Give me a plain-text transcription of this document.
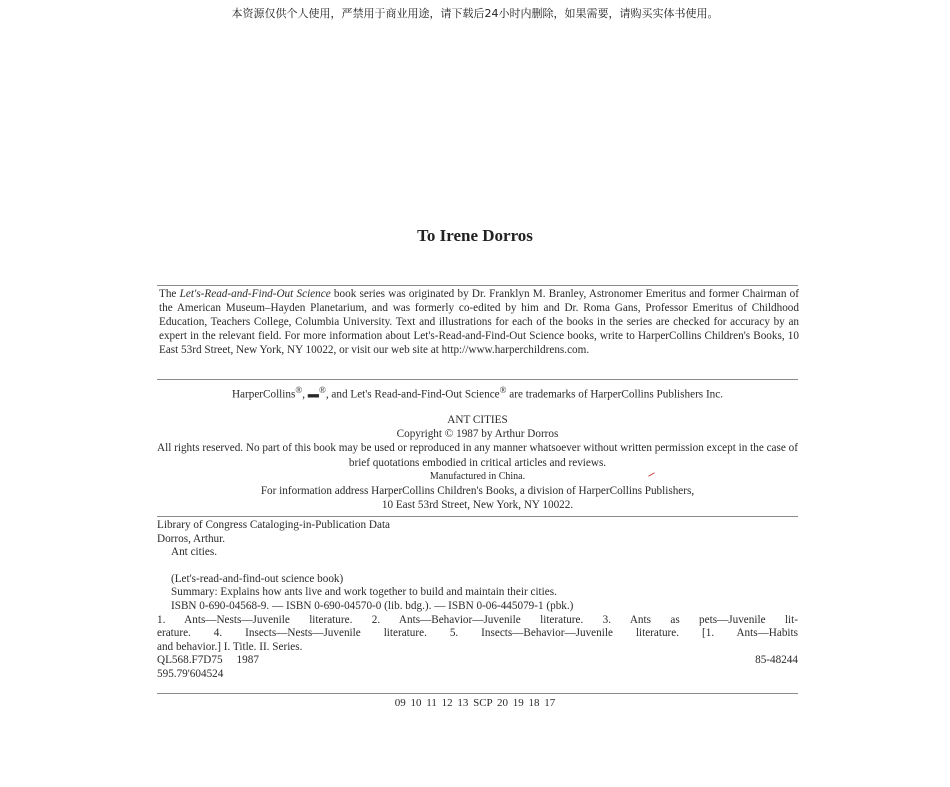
本资源仅供个人使用，严禁用于商业用途，请下载后24小时内删除，如果需要，请购买实体书使用。
To Irene Dorros
The Let's-Read-and-Find-Out Science book series was originated by Dr. Franklyn M. Branley, Astronomer Emeritus and former Chairman of the American Museum–Hayden Planetarium, and was formerly co-edited by him and Dr. Roma Gans, Professor Emeritus of Childhood Education, Teachers College, Columbia University. Text and illustrations for each of the books in the series are checked for accuracy by an expert in the relevant field. For more information about Let's-Read-and-Find-Out Science books, write to HarperCollins Children's Books, 10 East 53rd Street, New York, NY 10022, or visit our web site at http://www.harperchildrens.com.
HarperCollins®, ▬®, and Let's Read-and-Find-Out Science® are trademarks of HarperCollins Publishers Inc.
ANT CITIES
Copyright © 1987 by Arthur Dorros
All rights reserved. No part of this book may be used or reproduced in any manner whatsoever without written permission except in the case of brief quotations embodied in critical articles and reviews.
Manufactured in China.
For information address HarperCollins Children's Books, a division of HarperCollins Publishers,
10 East 53rd Street, New York, NY 10022.
Library of Congress Cataloging-in-Publication Data
Dorros, Arthur.
Ant cities.
(Let's-read-and-find-out science book)
Summary: Explains how ants live and work together to build and maintain their cities.
ISBN 0-690-04568-9. — ISBN 0-690-04570-0 (lib. bdg.). — ISBN 0-06-445079-1 (pbk.)
1. Ants—Nests—Juvenile literature. 2. Ants—Behavior—Juvenile literature. 3. Ants as pets—Juvenile lit-
erature. 4. Insects—Nests—Juvenile literature. 5. Insects—Behavior—Juvenile literature. [1. Ants—Habits
and behavior.] I. Title. II. Series.
QL568.F7D75     1987	85-48244
595.79'604524
09 10 11 12 13 SCP 20 19 18 17
